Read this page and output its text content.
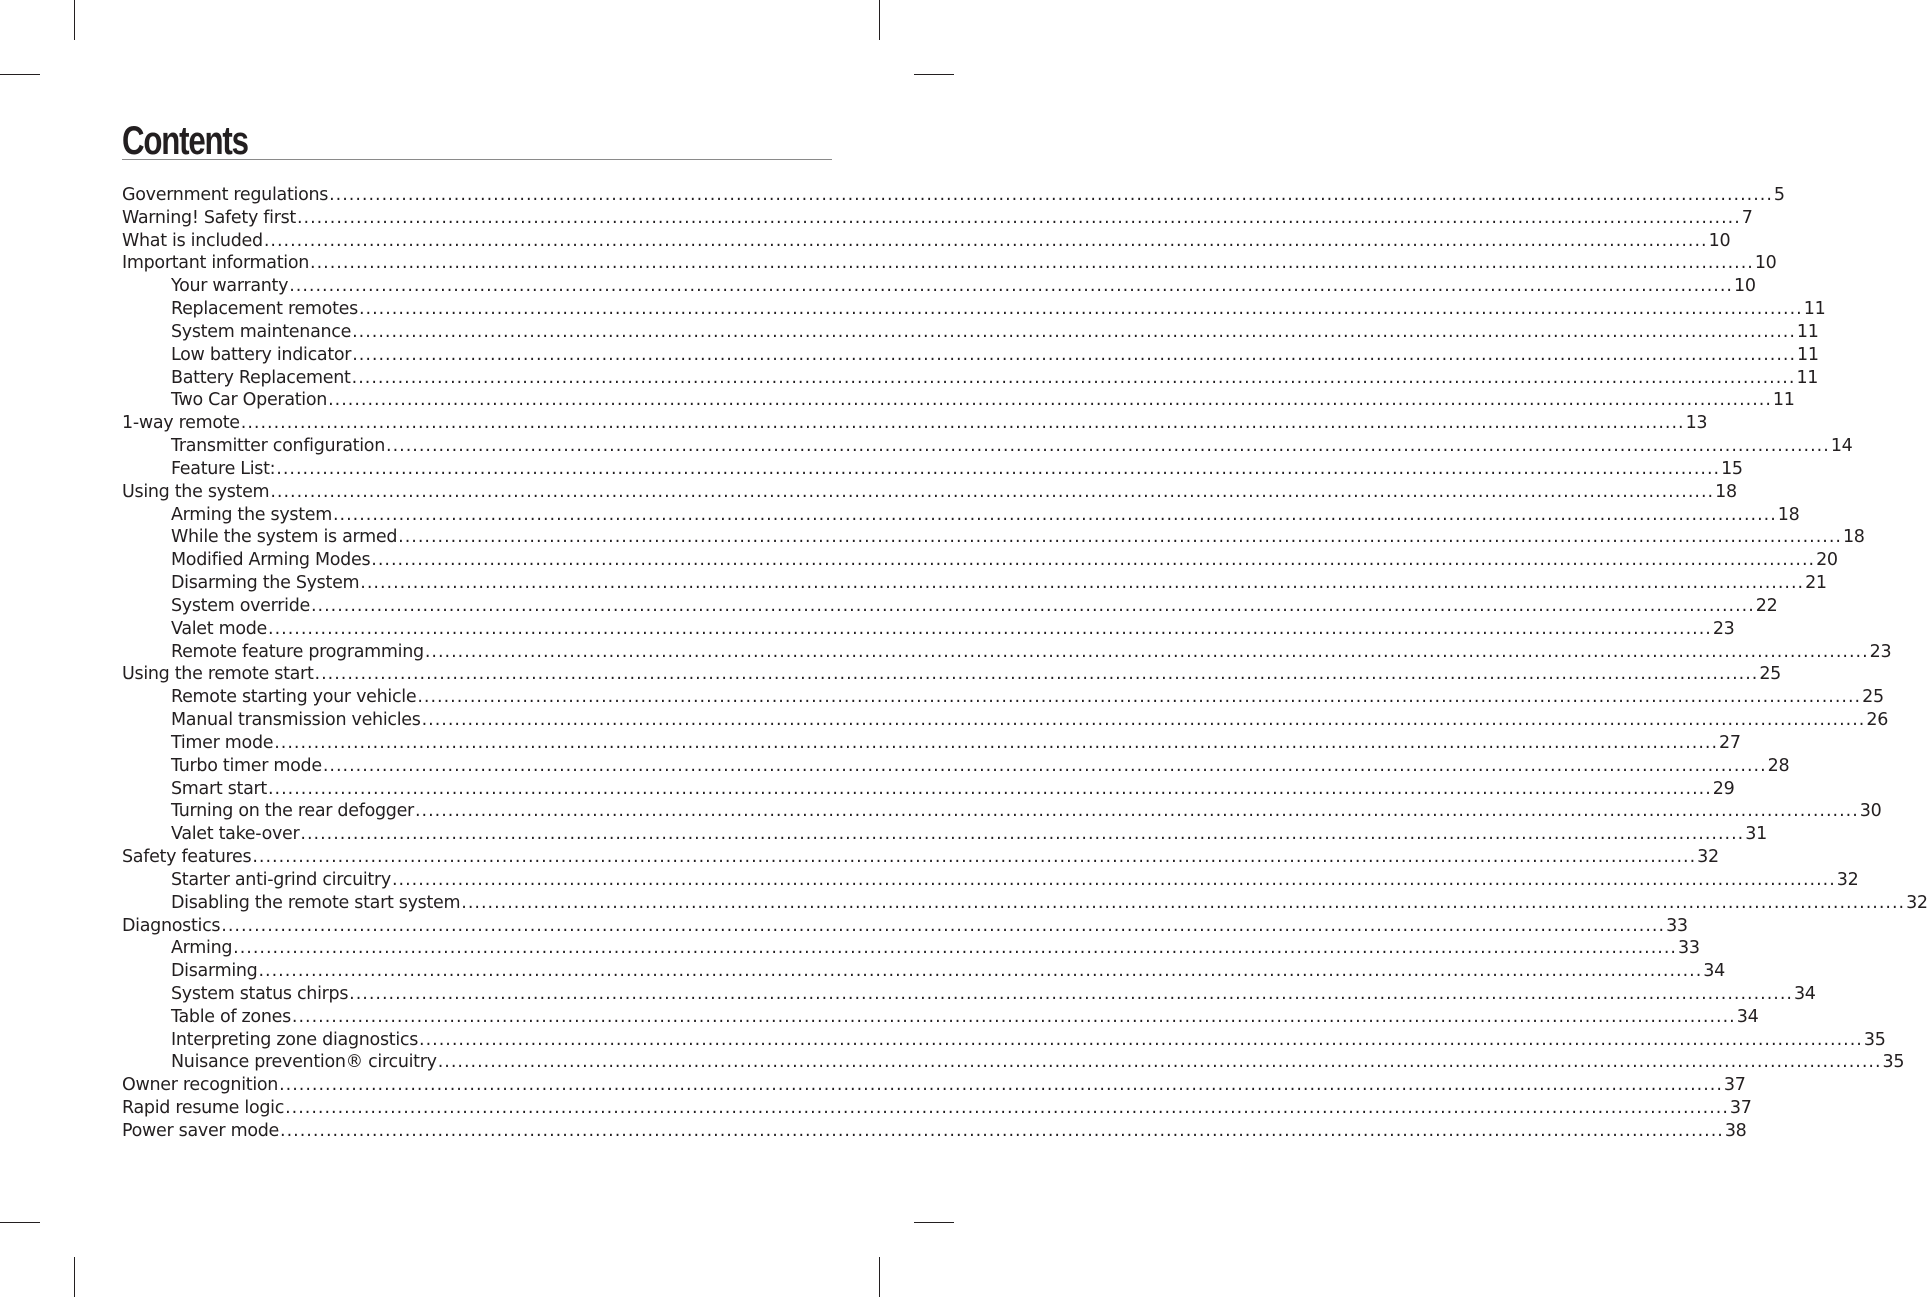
Contents
Government regulations ............................................................................................................................................................................................................................ 5
Warning! Safety first ............................................................................................................................................................................................................................ 7
What is included ............................................................................................................................................................................................................................ 10
Important information ............................................................................................................................................................................................................................ 10
Your warranty ............................................................................................................................................................................................................................ 10
Replacement remotes ............................................................................................................................................................................................................................ 11
System maintenance ............................................................................................................................................................................................................................ 11
Low battery indicator ............................................................................................................................................................................................................................ 11
Battery Replacement ............................................................................................................................................................................................................................ 11
Two Car Operation ............................................................................................................................................................................................................................ 11
1-way remote ............................................................................................................................................................................................................................ 13
Transmitter configuration ............................................................................................................................................................................................................................ 14
Feature List: ............................................................................................................................................................................................................................ 15
Using the system ............................................................................................................................................................................................................................ 18
Arming the system ............................................................................................................................................................................................................................ 18
While the system is armed ............................................................................................................................................................................................................................ 18
Modified Arming Modes ............................................................................................................................................................................................................................ 20
Disarming the System ............................................................................................................................................................................................................................ 21
System override ............................................................................................................................................................................................................................ 22
Valet mode ............................................................................................................................................................................................................................ 23
Remote feature programming ............................................................................................................................................................................................................................ 23
Using the remote start ............................................................................................................................................................................................................................ 25
Remote starting your vehicle ............................................................................................................................................................................................................................ 25
Manual transmission vehicles ............................................................................................................................................................................................................................ 26
Timer mode ............................................................................................................................................................................................................................ 27
Turbo timer mode ............................................................................................................................................................................................................................ 28
Smart start ............................................................................................................................................................................................................................ 29
Turning on the rear defogger ............................................................................................................................................................................................................................ 30
Valet take-over ............................................................................................................................................................................................................................ 31
Safety features ............................................................................................................................................................................................................................ 32
Starter anti-grind circuitry ............................................................................................................................................................................................................................ 32
Disabling the remote start system ............................................................................................................................................................................................................................ 32
Diagnostics ............................................................................................................................................................................................................................ 33
Arming ............................................................................................................................................................................................................................ 33
Disarming ............................................................................................................................................................................................................................ 34
System status chirps ............................................................................................................................................................................................................................ 34
Table of zones ............................................................................................................................................................................................................................ 34
Interpreting zone diagnostics ............................................................................................................................................................................................................................ 35
Nuisance prevention® circuitry ............................................................................................................................................................................................................................ 35
Owner recognition ............................................................................................................................................................................................................................ 37
Rapid resume logic ............................................................................................................................................................................................................................ 37
Power saver mode ............................................................................................................................................................................................................................ 38
